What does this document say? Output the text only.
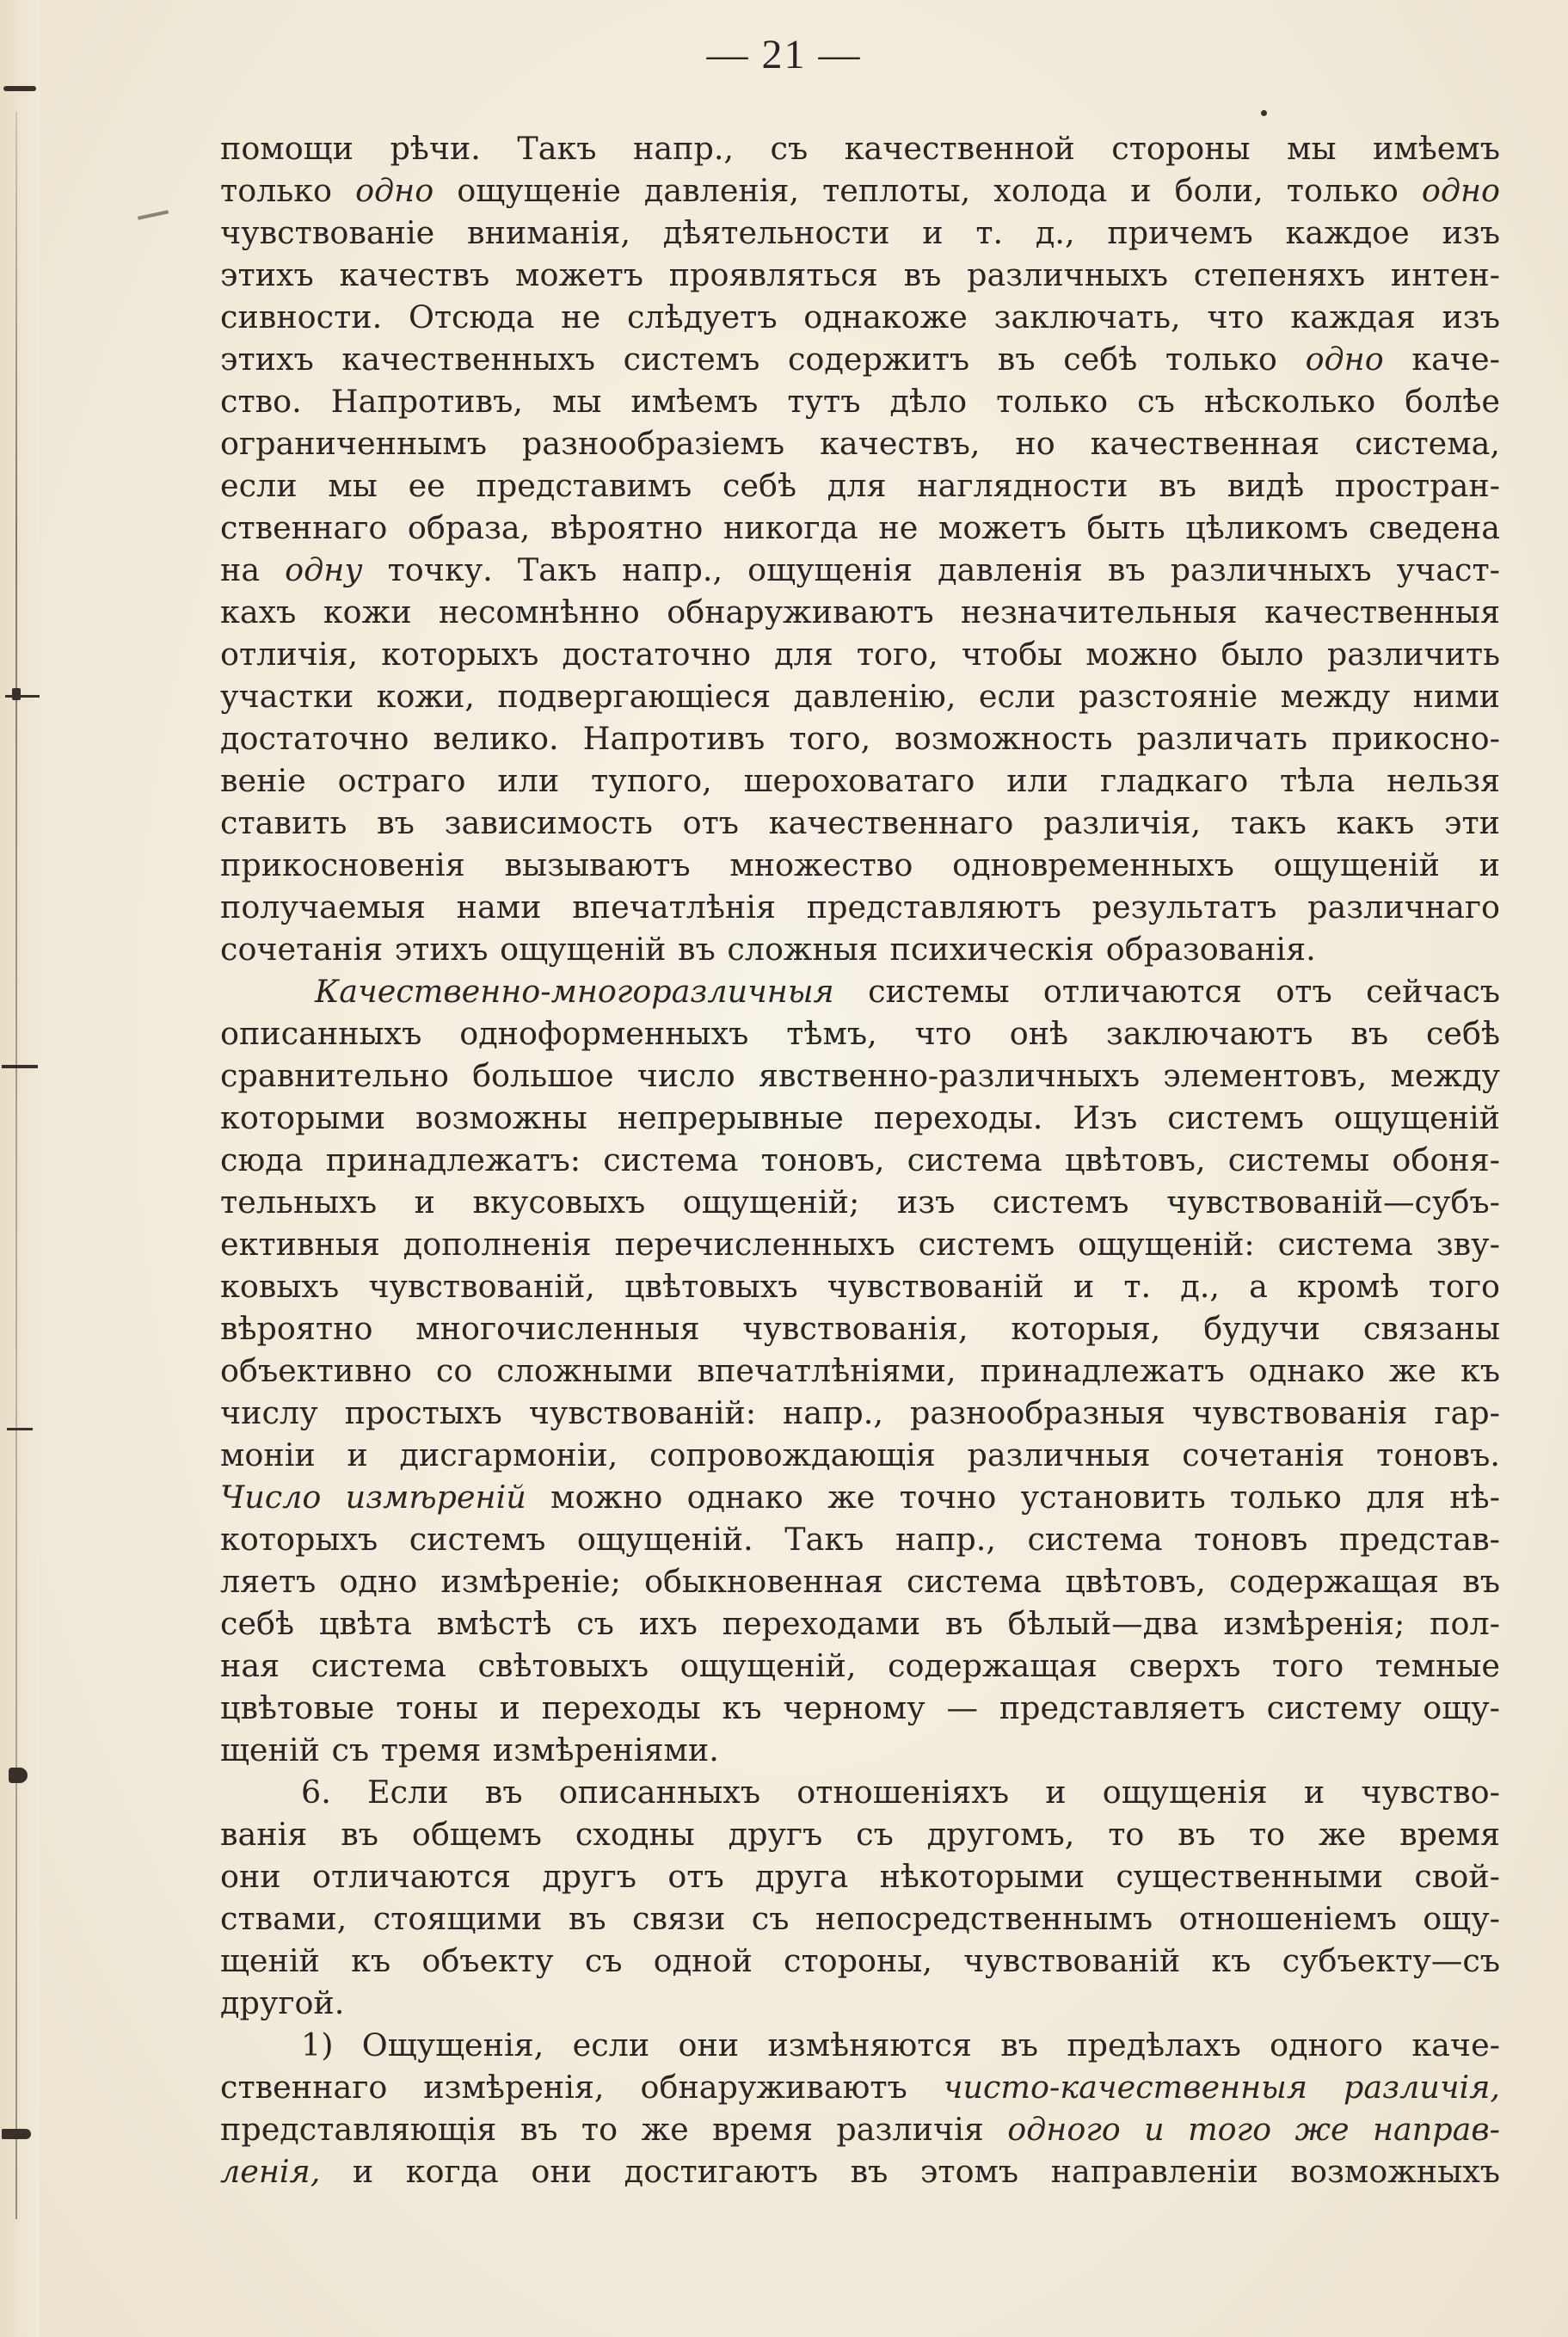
— 21 —
помощи рѣчи. Такъ напр., съ качественной стороны мы имѣемъ
только одно ощущеніе давленія, теплоты, холода и боли, только одно
чувствованіе вниманія, дѣятельности и т. д., причемъ каждое изъ
этихъ качествъ можетъ проявляться въ различныхъ степеняхъ интен-
сивности. Отсюда не слѣдуетъ однакоже заключать, что каждая изъ
этихъ качественныхъ системъ содержитъ въ себѣ только одно каче-
ство. Напротивъ, мы имѣемъ тутъ дѣло только съ нѣсколько болѣе
ограниченнымъ разнообразіемъ качествъ, но качественная система,
если мы ее представимъ себѣ для наглядности въ видѣ простран-
ственнаго образа, вѣроятно никогда не можетъ быть цѣликомъ сведена
на одну точку. Такъ напр., ощущенія давленія въ различныхъ участ-
кахъ кожи несомнѣнно обнаруживаютъ незначительныя качественныя
отличія, которыхъ достаточно для того, чтобы можно было различить
участки кожи, подвергающіеся давленію, если разстояніе между ними
достаточно велико. Напротивъ того, возможность различать прикосно-
веніе остраго или тупого, шероховатаго или гладкаго тѣла нельзя
ставить въ зависимость отъ качественнаго различія, такъ какъ эти
прикосновенія вызываютъ множество одновременныхъ ощущеній и
получаемыя нами впечатлѣнія представляютъ результатъ различнаго
сочетанія этихъ ощущеній въ сложныя психическія образованія.
Качественно-многоразличныя системы отличаются отъ сейчасъ
описанныхъ одноформенныхъ тѣмъ, что онѣ заключаютъ въ себѣ
сравнительно большое число явственно-различныхъ элементовъ, между
которыми возможны непрерывные переходы. Изъ системъ ощущеній
сюда принадлежатъ: система тоновъ, система цвѣтовъ, системы обоня-
тельныхъ и вкусовыхъ ощущеній; изъ системъ чувствованій—субъ-
ективныя дополненія перечисленныхъ системъ ощущеній: система зву-
ковыхъ чувствованій, цвѣтовыхъ чувствованій и т. д., а кромѣ того
вѣроятно многочисленныя чувствованія, которыя, будучи связаны
объективно со сложными впечатлѣніями, принадлежатъ однако же къ
числу простыхъ чувствованій: напр., разнообразныя чувствованія гар-
моніи и дисгармоніи, сопровождающія различныя сочетанія тоновъ.
Число измѣреній можно однако же точно установить только для нѣ-
которыхъ системъ ощущеній. Такъ напр., система тоновъ представ-
ляетъ одно измѣреніе; обыкновенная система цвѣтовъ, содержащая въ
себѣ цвѣта вмѣстѣ съ ихъ переходами въ бѣлый—два измѣренія; пол-
ная система свѣтовыхъ ощущеній, содержащая сверхъ того темные
цвѣтовые тоны и переходы къ черному — представляетъ систему ощу-
щеній съ тремя измѣреніями.
6. Если въ описанныхъ отношеніяхъ и ощущенія и чувство-
ванія въ общемъ сходны другъ съ другомъ, то въ то же время
они отличаются другъ отъ друга нѣкоторыми существенными свой-
ствами, стоящими въ связи съ непосредственнымъ отношеніемъ ощу-
щеній къ объекту съ одной стороны, чувствованій къ субъекту—съ
другой.
1) Ощущенія, если они измѣняются въ предѣлахъ одного каче-
ственнаго измѣренія, обнаруживаютъ чисто-качественныя различія,
представляющія въ то же время различія одного и того же направ-
ленія, и когда они достигаютъ въ этомъ направленіи возможныхъ
